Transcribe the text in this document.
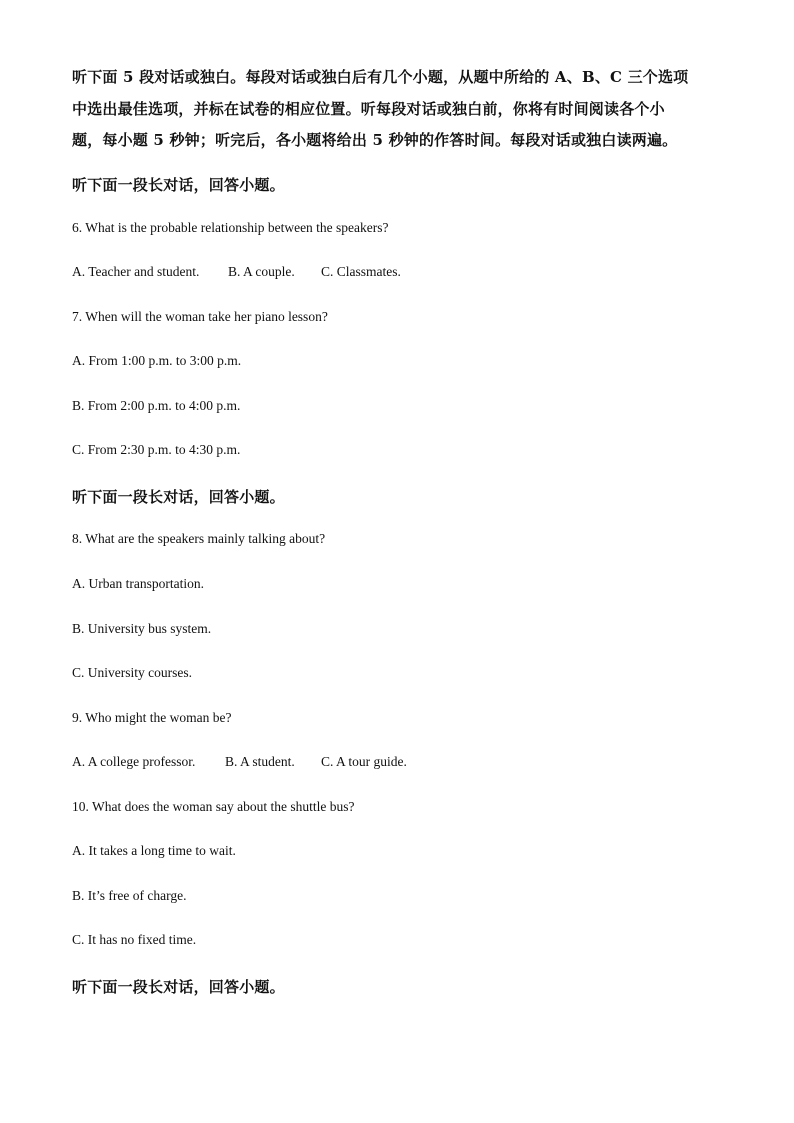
听下面 5 段对话或独白。每段对话或独白后有几个小题，从题中所给的 A、B、C 三个选项
中选出最佳选项，并标在试卷的相应位置。听每段对话或独白前，你将有时间阅读各个小
题，每小题 5 秒钟；听完后，各小题将给出 5 秒钟的作答时间。每段对话或独白读两遍。
听下面一段长对话，回答小题。
6. What is the probable relationship between the speakers?
A. Teacher and student. B. A couple. C. Classmates.
7. When will the woman take her piano lesson?
A. From 1:00 p.m. to 3:00 p.m.
B. From 2:00 p.m. to 4:00 p.m.
C. From 2:30 p.m. to 4:30 p.m.
听下面一段长对话，回答小题。
8. What are the speakers mainly talking about?
A. Urban transportation.
B. University bus system.
C. University courses.
9. Who might the woman be?
A. A college professor. B. A student. C. A tour guide.
10. What does the woman say about the shuttle bus?
A. It takes a long time to wait.
B. It’s free of charge.
C. It has no fixed time.
听下面一段长对话，回答小题。
